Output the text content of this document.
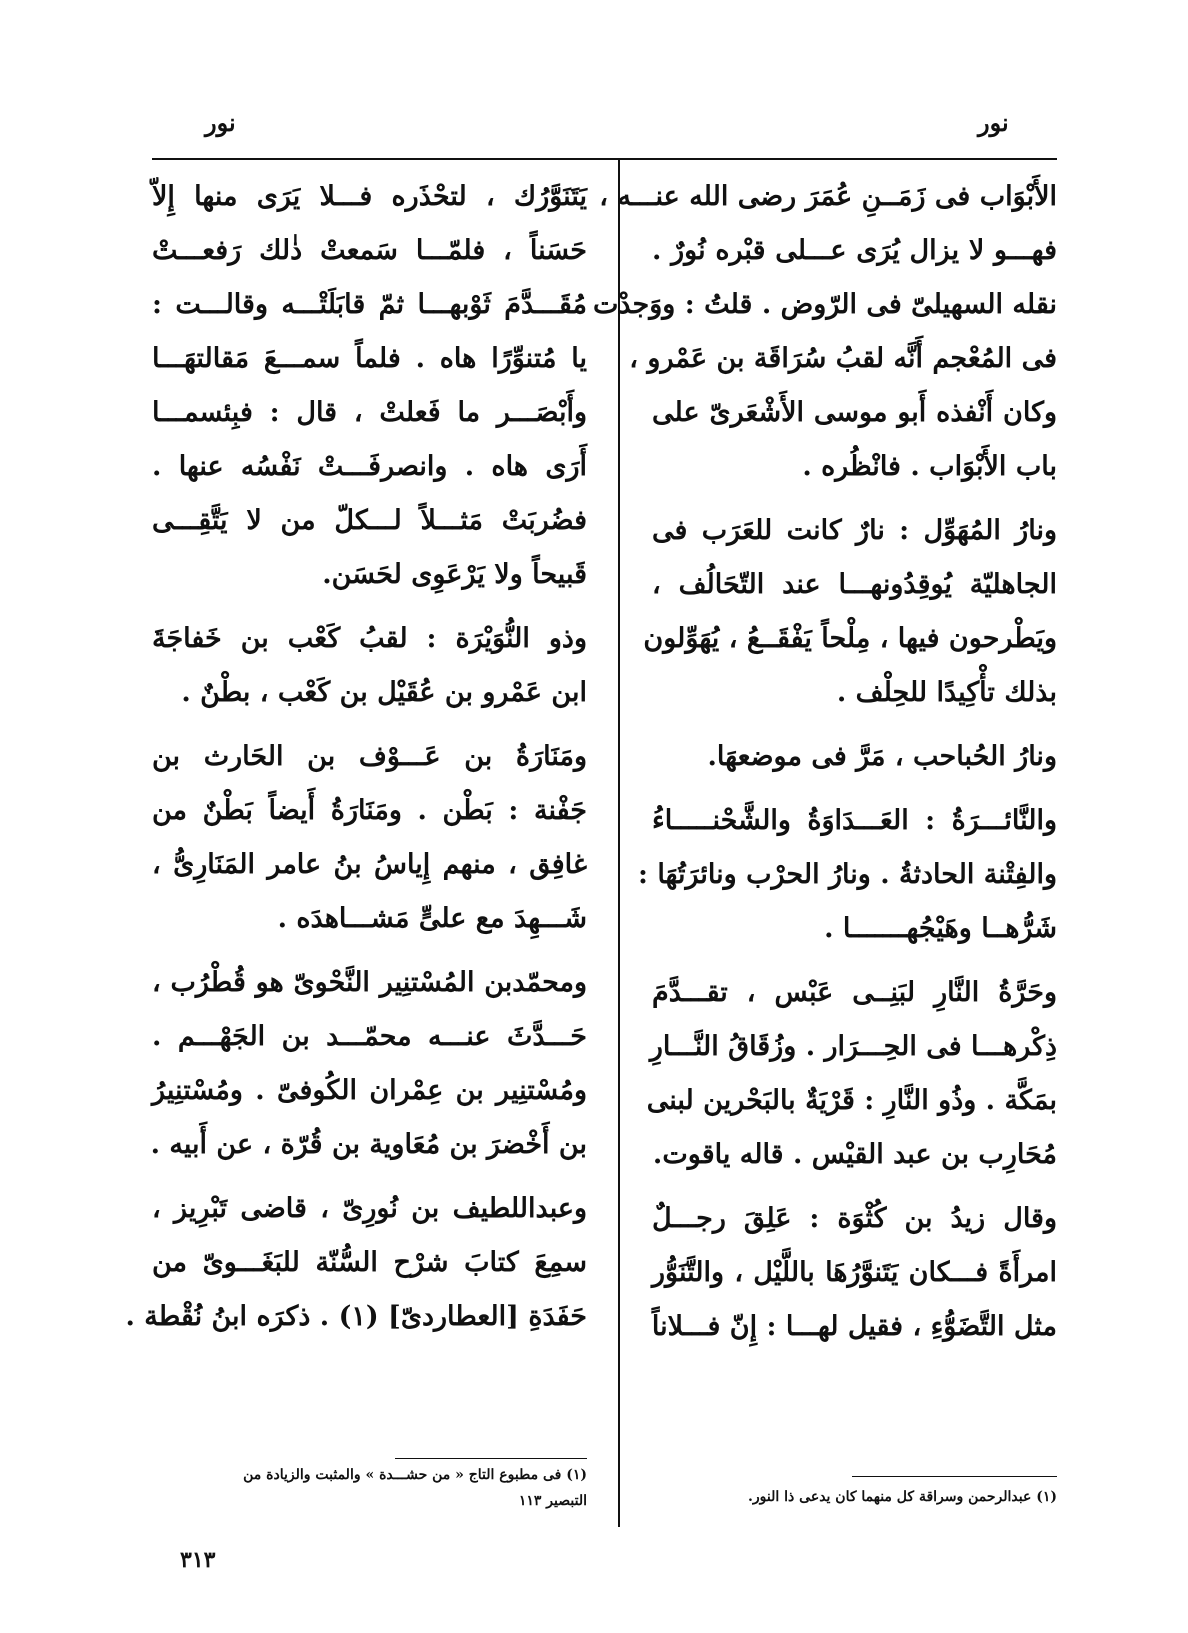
نور
نور
الأَبْوَاب فى زَمَــنِ عُمَرَ رضى الله عنـــه ،
فهـــو لا يزال يُرَى عـــلى قبْره نُورٌ .
نقله السهيلىّ فى الرّوض . قلتُ : ووَجدْت
فى المُعْجم أَنَّه لقبُ سُرَاقَة بن عَمْرو ،
وكان أَنْفذه أَبو موسى الأَشْعَرىّ على
باب الأَبْوَاب . فانْظُره .
ونارُ المُهَوِّل : نارٌ كانت للعَرَب فى
الجاهليّة يُوقِدُونهـــا عند التّحَالُف ،
ويَطْرحون فيها ، مِلْحاً يَفْقَــعُ ، يُهَوِّلون
بذلك تأْكِيدًا للحِلْف .
ونارُ الحُباحب ، مَرَّ فى موضعهَا.
والنَّائـــرَةُ : العَـــدَاوَةُ والشَّحْنـــــاءُ
والفِتْنة الحادثةُ . ونارُ الحرْب ونائرَتُهَا :
شَرُّهــا وهَيْجُهـــــــا .
وحَرَّةُ النَّارِ لبَنِــى عَبْس ، تقـــدَّمَ
ذِكْرهـــا فى الحِـــرَار . وزُقَاقُ النَّـــارِ
بمَكَّة . وذُو النَّارِ : قَرْيَةٌ بالبَحْرين لبنى
مُحَارِب بن عبد القيْس . قاله ياقوت.
وقال زيدُ بن كُثْوَة : عَلِقَ رجـــلٌ
امرأَةً فـــكان يَتَنوَّرُهَا باللَّيْل ، والتَّنَوُّر
مثل التَّضَوُّءِ ، فقيل لهـــا : إِنّ فـــلاناً
يَتَنَوَّرُك ، لتحْذَره فـــلا يَرَى منها إِلاّ
حَسَناً ، فلمّـــا سَمعتْ ذٰلك رَفعـــتْ
مُقَـــدَّمَ ثَوْبهـــا ثمّ قابَلَتْـــه وقالـــت :
يا مُتنوِّرًا هاه . فلماً سمـــعَ مَقالتهَـــا
وأَبْصَـــر ما فَعلتْ ، قال : فبِئسمـــا
أَرَى هاه . وانصرفَـــتْ نَفْسُه عنها .
فضُربَتْ مَثـــلاً لـــكلّ من لا يَتَّقِـــى
قَبيحاً ولا يَرْعَوِى لحَسَن.
وذو النُّوَيْرَة : لقبُ كَعْب بن خَفاجَةَ
ابن عَمْرو بن عُقَيْل بن كَعْب ، بطْنٌ .
ومَنَارَةُ بن عَـــوْف بن الحَارث بن
جَفْنة : بَطْن . ومَنَارَةُ أَيضاً بَطْنٌ من
غافِق ، منهم إِياسُ بنُ عامر المَنَارِىُّ ،
شَـــهِدَ مع علىٍّ مَشـــاهدَه .
ومحمّدبن المُسْتنِير النَّحْوىّ هو قُطْرُب ،
حَـــدَّثَ عنـــه محمّـــد بن الجَهْـــم .
ومُسْتنِير بن عِمْران الكُوفىّ . ومُسْتنِيرُ
بن أَخْضرَ بن مُعَاوية بن قُرّة ، عن أَبيه .
وعبداللطيف بن نُورِىّ ، قاضى تَبْرِيز ،
سمِعَ كتابَ شرْح السُّنّة للبَغَـــوىّ من
حَفَدَةِ [العطاردىّ] (١) . ذكرَه ابنُ نُقْطة .
(١) فى مطبوع التاج « من حشـــدة » والمثبت والزيادة من
التبصير ١١٣	(١) عبدالرحمن وسراقة كل منهما كان يدعى ذا النور.
٣١٣
